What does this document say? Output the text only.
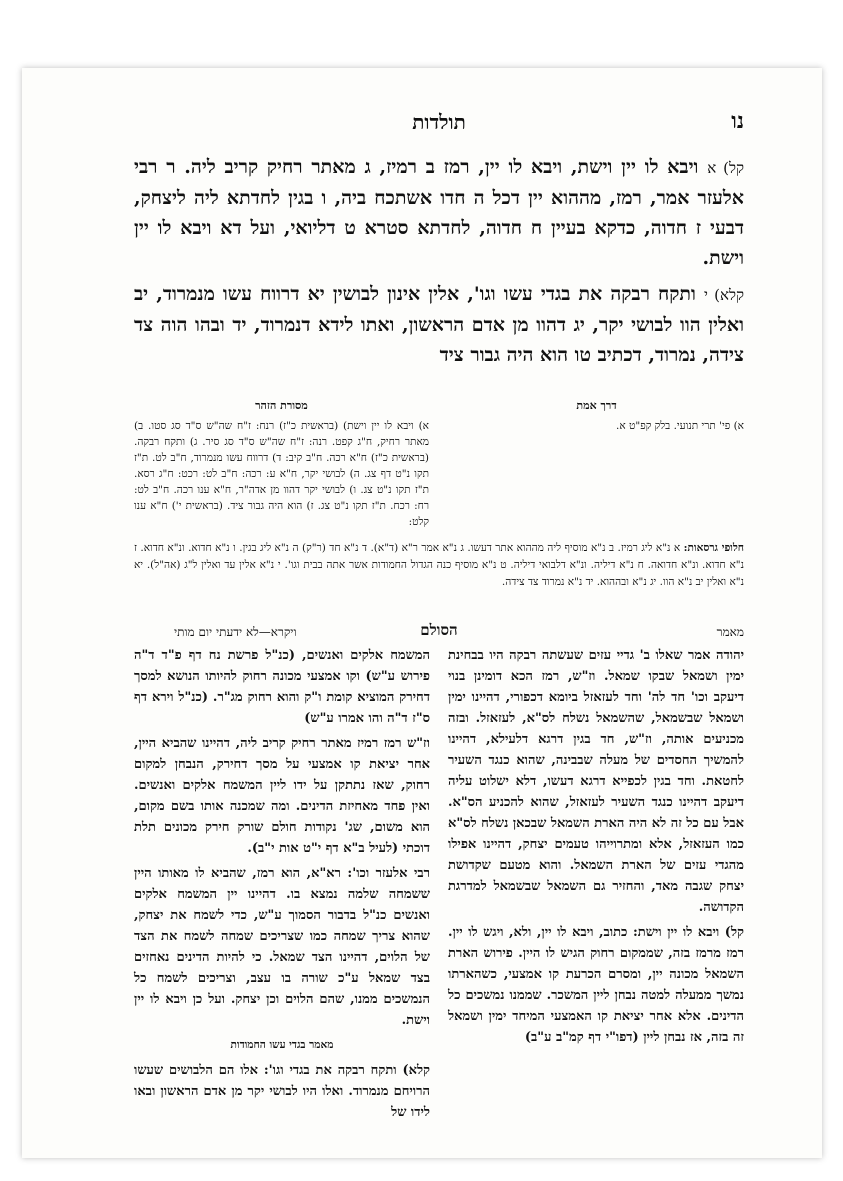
נו
תולדות

קל) א ויבא לו יין וישת, ויבא לו יין, רמז ב רמיז, ג מאתר רחיק קריב ליה. ר רבי אלעזר אמר, רמז, מההוא יין דכל ה חדו אשתכח ביה, ו בגין לחדתא ליה ליצחק, דבעי ז חדוה, כדקא בעיין ח חדוה, לחדתא סטרא ט דליואי, ועל דא ויבא לו יין וישת.

קלא) י ותקח רבקה את בגדי עשו וגו', אלין אינון לבושין יא דרווח עשו מנמרוד, יב ואלין הוו לבושי יקר, יג דהוו מן אדם הראשון, ואתו לידא דנמרוד, יד ובהו הוה צד צידה, נמרוד, דכתיב טו הוא היה גבור ציד

דרך אמת
א) פי' תרי תנועי. בלק קפ"ט א.
מסורת הזהר
א) ויבא לו יין וישת) (בראשית כ"ז) רנח: ז"ח שה"ש ס"ד סג סטו. ב) מאתר רחיק, ח"ג קפט. רנה: ז"ח שה"ש ס"ד סג סיר. ג) ותקח רבקה. (בראשית כ"ז) ח"א רכה. ח"ב קיב: ד) דרווח עשו מנמרוד, ח"ב לט. ת"ז תקו נ"ט דף צג. ה) לבושי יקר, ח"א ע: רכה: ח"ב לט: רכט: ח"ג רסא. ת"ז תקו נ"ט צג. ו) לבושי יקר דהוו מן אדה"ר, ח"א ענו רכה. ח"ב לט: רח: רכח. ת"ז תקו נ"ט צג. ז) הוא היה גבור ציד. (בראשית י') ח"א ענו קלט:
חלופי גרסאות: א נ"א ליג רמיז. ב נ"א מוסיף ליה מההוא אתר דעשו. ג נ"א אמר ר"א (ד"א). ד נ"א חד (ר"ק) ה נ"א ליג בגין. ו נ"א חדוא. ונ"א חדוא. ז נ"א חדוא. ונ"א חדואה. ח נ"א דיליה. ונ"א דלבואי דיליה. ט נ"א מוסיף כנה הגדול החמודות אשר אתה בבית וגו'. י נ"א אלין עד ואלין ל"ג (אה"ל). יא נ"א ואלין יב נ"א הוו. יג נ"א ובההוא. יד נ"א נמרוד צד צידה.
מאמר
הסולם
ויקרא—לא ידעתי יום מותי

יהודה אמר שאלו ב' גדיי עזים שעשתה רבקה היו בבחינת ימין ושמאל שבקו שמאל. וז"ש, רמז הכא דומינן בנוי דיעקב וכו' חד לה' וחד לעזאזל ביומא דכפורי, דהיינו ימין ושמאל שבשמאל, שהשמאל נשלח לס"א, לעזאזל. ובזה מכניעים אותה, וז"ש, חד בגין דרגא דלעילא, דהיינו להמשיך החסדים של מעלה שבבינה, שהוא כנגד השעיר לחטאת. וחד בגין לכפייא דרגא דעשו, דלא ישלוט עליה דיעקב דהיינו כנגד השעיר לעזאזל, שהוא להכניע הס"א. אבל עם כל זה לא היה הארת השמאל שבכאן נשלח לס"א כמו העזאזל, אלא ומתרוייהו טעמים יצחק, דהיינו אפילו מהגדי עזים של הארת השמאל. והוא מטעם שקדושת יצחק שגבה מאד, והחזיר גם השמאל שבשמאל למדרגת הקדושה.

קל) ויבא לו יין וישת: כתוב, ויבא לו יין, ולא, ויגש לו יין. רמז מרמז בזה, שממקום רחוק הגיש לו היין. פירוש הארת השמאל מכונה יין, ומסרם הכרעת קו אמצעי, כשהארתו נמשך ממעלה למטה נבחן ליין המשכר. שממנו נמשכים כל הדינים. אלא אחר יציאת קו האמצעי המיחד ימין ושמאל זה בזה, אז נבחן ליין (דפו"י דף קמ"ב ע"ב)

המשמח אלקים ואנשים, (כנ"ל פרשת נח דף פ"ד ד"ה פירוש ע"ש) וקו אמצעי מכונה רחוק להיותו הנושא למסך דחירק המוציא קומת ו"ק והוא רחוק מג"ר. (כנ"ל וירא דף ס"ז ד"ה והו אמרו ע"ש)

וז"ש רמז רמיז מאתר רחיק קריב ליה, דהיינו שהביא היין, אחר יציאת קו אמצעי על מסך דחירק, הנבחן למקום רחוק, שאז נתתקן על ידו ליין המשמח אלקים ואנשים. ואין פחד מאחיזת הדינים. ומה שמכנה אותו בשם מקום, הוא משום, שג' נקודות חולם שורק חירק מכונים תלת דוכתי (לעיל ב"א דף י"ט אות י"ב).

רבי אלעזר וכו': רא"א, הוא רמז, שהביא לו מאותו היין ששמחה שלמה נמצא בו. דהיינו יין המשמח אלקים ואנשים כנ"ל בדבור הסמוך ע"ש, כדי לשמח את יצחק, שהוא צריך שמחה כמו שצריכים שמחה לשמח את הצד של הלוים, דהיינו הצד שמאל. כי להיות הדינים נאחזים בצד שמאל ע"כ שורה בו עצב, וצריכים לשמח כל הנמשכים ממנו, שהם הלוים וכן יצחק. ועל כן ויבא לו יין וישת.

מאמר בגדי עשו החמודות

קלא) ותקח רבקה את בגדי וגו': אלו הם הלבושים שעשו הרויחם מנמרוד. ואלו היו לבושי יקר מן אדם הראשון ובאו לידו של
